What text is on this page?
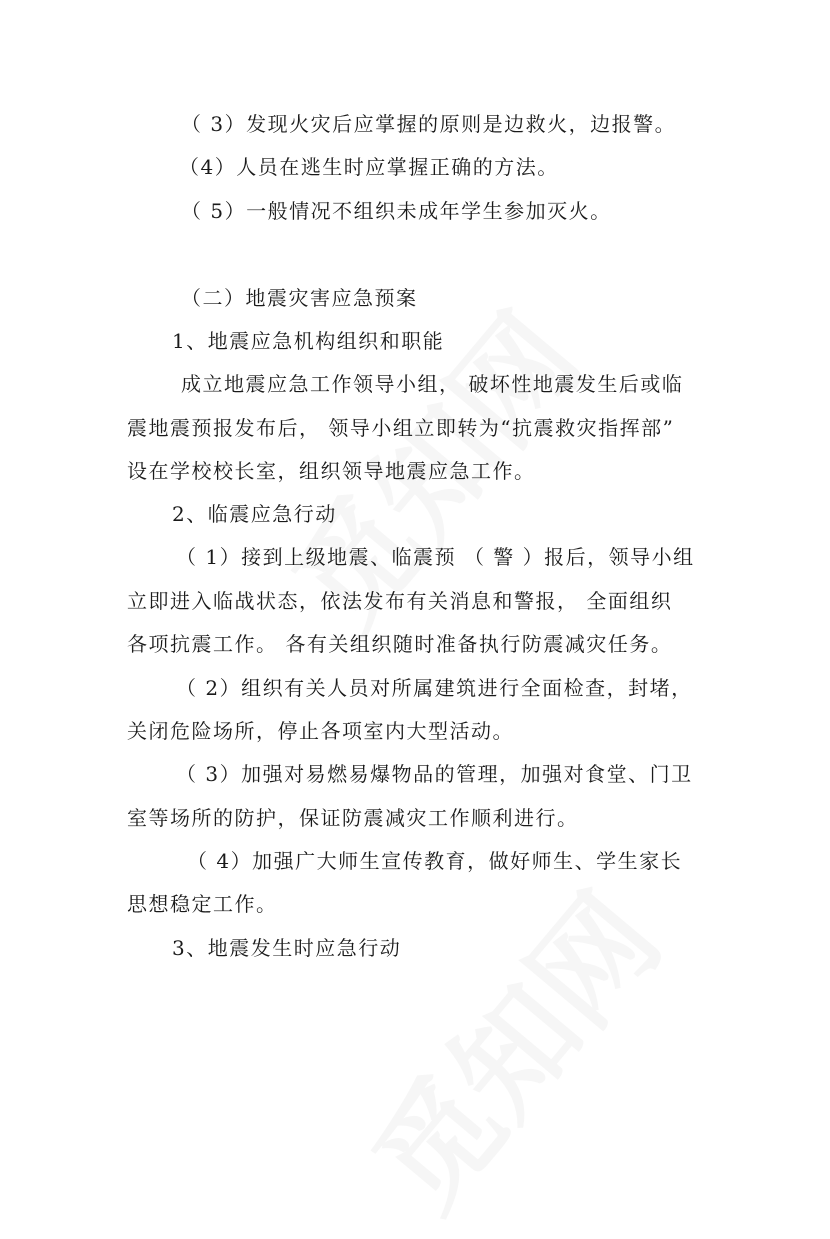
（ 3）发现火灾后应掌握的原则是边救火，边报警。
（4）人员在逃生时应掌握正确的方法。
（ 5）一般情况不组织未成年学生参加灭火。
（二）地震灾害应急预案
1、地震应急机构组织和职能
成立地震应急工作领导小组， 破坏性地震发生后或临
震地震预报发布后， 领导小组立即转为“抗震救灾指挥部”
设在学校校长室，组织领导地震应急工作。
2、临震应急行动
（ 1）接到上级地震、临震预 （ 警 ）报后，领导小组
立即进入临战状态，依法发布有关消息和警报， 全面组织
各项抗震工作。 各有关组织随时准备执行防震减灾任务。
（ 2）组织有关人员对所属建筑进行全面检查，封堵，
关闭危险场所，停止各项室内大型活动。
（ 3）加强对易燃易爆物品的管理，加强对食堂、门卫
室等场所的防护，保证防震减灾工作顺利进行。
（ 4）加强广大师生宣传教育，做好师生、学生家长
思想稳定工作。
3、地震发生时应急行动
